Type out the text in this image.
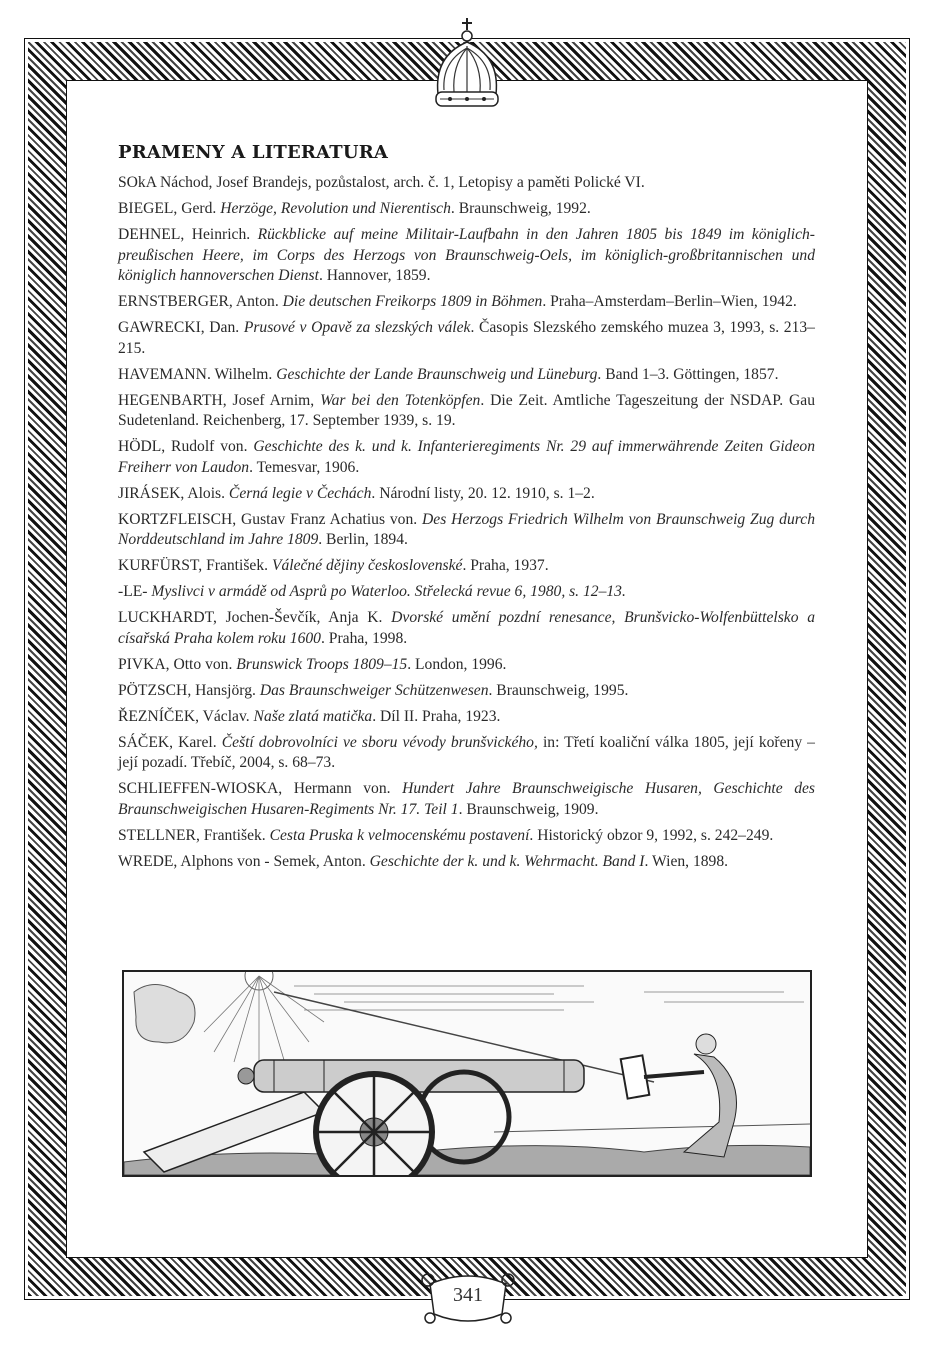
PRAMENY A LITERATURA

SOkA Náchod, Josef Brandejs, pozůstalost, arch. č. 1, Letopisy a paměti Polické VI.

BIEGEL, Gerd. Herzöge, Revolution und Nierentisch. Braunschweig, 1992.

DEHNEL, Heinrich. Rückblicke auf meine Militair-Laufbahn in den Jahren 1805 bis 1849 im königlich-preußischen Heere, im Corps des Herzogs von Braunschweig-Oels, im königlich-großbritannischen und königlich hannoverschen Dienst. Hannover, 1859.

ERNSTBERGER, Anton. Die deutschen Freikorps 1809 in Böhmen. Praha–Amsterdam–Berlin–Wien, 1942.

GAWRECKI, Dan. Prusové v Opavě za slezských válek. Časopis Slezského zemského muzea 3, 1993, s. 213–215.

HAVEMANN. Wilhelm. Geschichte der Lande Braunschweig und Lüneburg. Band 1–3. Göttingen, 1857.

HEGENBARTH, Josef Arnim, War bei den Totenköpfen. Die Zeit. Amtliche Tageszeitung der NSDAP. Gau Sudetenland. Reichenberg, 17. September 1939, s. 19.

HÖDL, Rudolf von. Geschichte des k. und k. Infanterieregiments Nr. 29 auf immerwährende Zeiten Gideon Freiherr von Laudon. Temesvar, 1906.

JIRÁSEK, Alois. Černá legie v Čechách. Národní listy, 20. 12. 1910, s. 1–2.

KORTZFLEISCH, Gustav Franz Achatius von. Des Herzogs Friedrich Wilhelm von Braunschweig Zug durch Norddeutschland im Jahre 1809. Berlin, 1894.

KURFÜRST, František. Válečné dějiny československé. Praha, 1937.

-LE- Myslivci v armádě od Asprů po Waterloo. Střelecká revue 6, 1980, s. 12–13.

LUCKHARDT, Jochen-Ševčík, Anja K. Dvorské umění pozdní renesance, Brunšvicko-Wolfenbüttelsko a císařská Praha kolem roku 1600. Praha, 1998.

PIVKA, Otto von. Brunswick Troops 1809–15. London, 1996.

PÖTZSCH, Hansjörg. Das Braunschweiger Schützenwesen. Braunschweig, 1995.

ŘEZNÍČEK, Václav. Naše zlatá matička. Díl II. Praha, 1923.

SÁČEK, Karel. Čeští dobrovolníci ve sboru vévody brunšvického, in: Třetí koaliční válka 1805, její kořeny – její pozadí. Třebíč, 2004, s. 68–73.

SCHLIEFFEN-WIOSKA, Hermann von. Hundert Jahre Braunschweigische Husaren, Geschichte des Braunschweigischen Husaren-Regiments Nr. 17. Teil 1. Braunschweig, 1909.

STELLNER, František. Cesta Pruska k velmocenskému postavení. Historický obzor 9, 1992, s. 242–249.

WREDE, Alphons von - Semek, Anton. Geschichte der k. und k. Wehrmacht. Band I. Wien, 1898.

341
